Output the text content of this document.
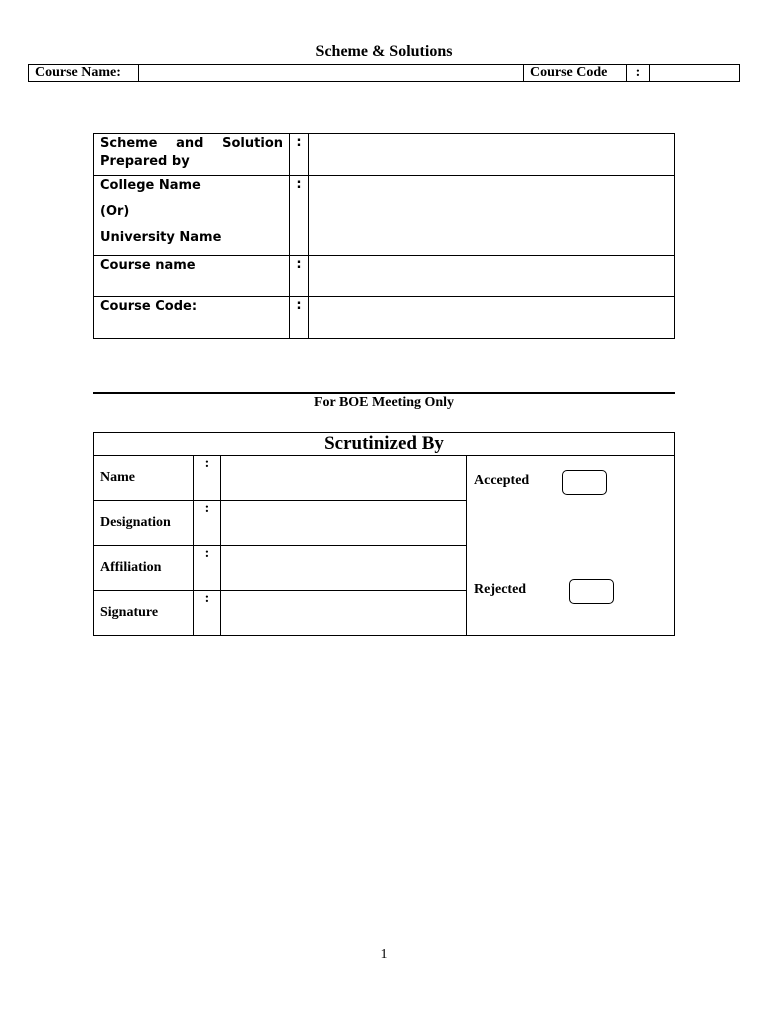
Scheme & Solutions
Course Name:		Course Code	:	
Scheme and Solution
Prepared by	:	

College Name
(Or)
University Name	:	
Course name	:	
Course Code:	:	
For BOE Meeting Only
Scrutinized By			
Name	:		Accepted
Rejected

Designation	:		
Affiliation	:		
Signature	:		
1
